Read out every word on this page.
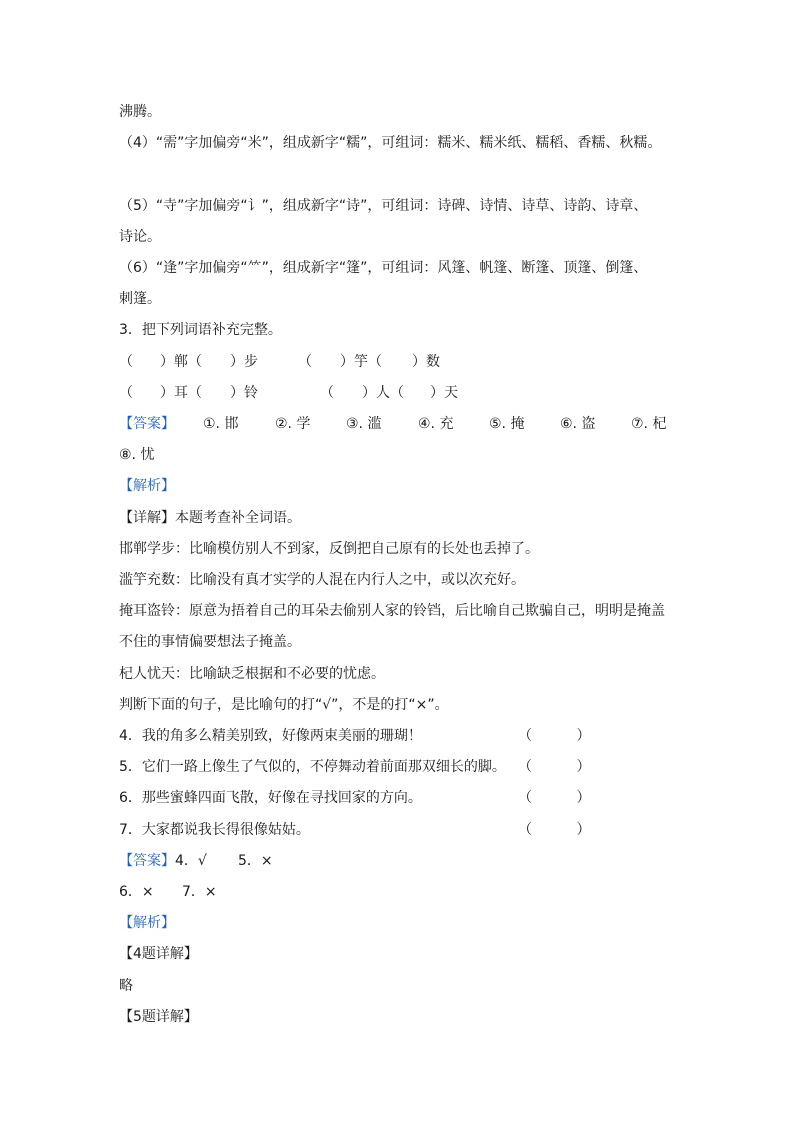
沸腾。
（4）“需”字加偏旁“米”，组成新字“糯”，可组词：糯米、糯米纸、糯稻、香糯、秋糯。
（5）“寺”字加偏旁“讠”，组成新字“诗”，可组词：诗碑、诗情、诗草、诗韵、诗章、
诗论。
（6）“逢”字加偏旁“⺮”，组成新字“篷”，可组词：风篷、帆篷、断篷、顶篷、倒篷、
刺篷。
3．把下列词语补充完整。
（ ）郸（ ）步	（ ）竽（ ）数
（ ）耳（ ）铃	（ ）人（ ）天
【答案】 ①. 邯	②. 学	③. 滥	④. 充	⑤. 掩	⑥. 盗	⑦. 杞
⑧. 忧
【解析】
【详解】本题考查补全词语。
邯郸学步：比喻模仿别人不到家，反倒把自己原有的长处也丢掉了。
滥竽充数：比喻没有真才实学的人混在内行人之中，或以次充好。
掩耳盗铃：原意为捂着自己的耳朵去偷别人家的铃铛，后比喻自己欺骗自己，明明是掩盖
不住的事情偏要想法子掩盖。
杞人忧天：比喻缺乏根据和不必要的忧虑。
判断下面的句子，是比喻句的打“√”，不是的打“×”。
4．我的角多么精美别致，好像两束美丽的珊瑚！	（          ）
5．它们一路上像生了气似的，不停舞动着前面那双细长的脚。 （          ）
6．那些蜜蜂四面飞散，好像在寻找回家的方向。	（          ）
7．大家都说我长得很像姑姑。	（          ）
【答案】 4．√ 5．×
6．× 7．×
【解析】
【4题详解】
略
【5题详解】
